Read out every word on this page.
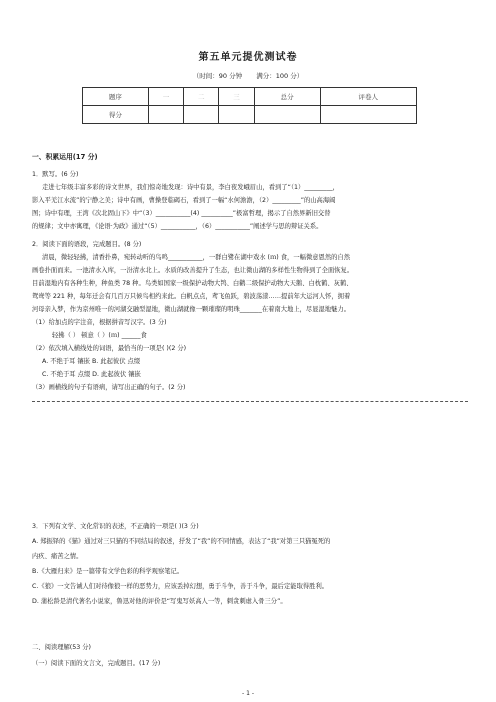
第五单元提优测试卷
（时间：90 分钟 满分：100 分）
题序	一	二	三	总分	评卷人
得分					
一、积累运用(17 分)
1．默写。(6 分)
走进七年级丰富多彩的诗文世界，我们惊奇地发现：诗中有景，李白夜发峨眉山，看到了“（1）_________，
影入平羌江水流”的宁静之美；诗中有画，曹操登临碣石，看到了一幅“水何澹澹，（2）_________”的山高海阔
图；诗中有理，王湾《次北固山下》中“（3）___________(4) __________”极富哲理，揭示了自然界新旧交替
的规律；文中亦寓理，《论语·为政》通过“（5）___________，（6）___________”阐述学与思的辩证关系。
2．阅读下面的语段，完成题目。(8 分)
清晨，微轻轻拂，清香扑鼻，宛转动听的鸟鸣___________，一群白鹭在湖中戏水 (ｍ) 食，一幅微意恩然的自然
画卷扑面而来。一池清水入库，一汾清水北上。水质的改善提升了生态，也让微山湖的多样性生物得到了全面恢复。
目前湿地内有各种生种，种鱼类 78 种。鸟类如国家一级保护动物大鸨、白鹳二级保护动物大天鹅、白枕鹤、灰鹤、
鸳鸯等 221 种，每年迁会有几百万只候鸟相约来此。白帆点点，鸢飞鱼跃，碧波荡漾……提前年大运河人怀，拥着
河母亲入梦，作为京州唯一的河湖交融型湿地，微山湖就像一颗璀璨的明珠_______在着南大地上，尽显湿地魅力。
（1）给加点的字注音，根据拼音写汉字。(3 分)
轻拂（ ） 顿意（ ）(ｍ) ______食
（2）依次填入横线处的词语，最恰当的一项是( )(2 分)
A. 不绝于耳 镶嵌 B. 此起彼伏 点缀
C. 不绝于耳 点缀 D. 此起彼伏 镶嵌
（3）画横线的句子有语病，请写出正确的句子。(2 分)
3．下列有文学、文化常识的表述，不正确的一项是( )(3 分)
A. 郑振铎的《猫》通过对三只猫的不同结局的叙述，抒发了“我”的不同情感，表达了“我”对第三只猫冤死的
内疚、痛苦之情。
B.《大雁归来》是一篇带有文学色彩的科学观察笔记。
C.《狼》一文告诫人们对待像狼一样的恶势力，应该丢掉幻想，勇于斗争，善于斗争，最后定能取得胜利。
D. 蒲松龄是清代著名小说家，鲁迅对他的评价是“写鬼写妖高人一等，刺贪刺虐入骨三分”。
二、阅读理解(53 分)
（一）阅读下面的文言文，完成题目。(17 分)
- 1 -
